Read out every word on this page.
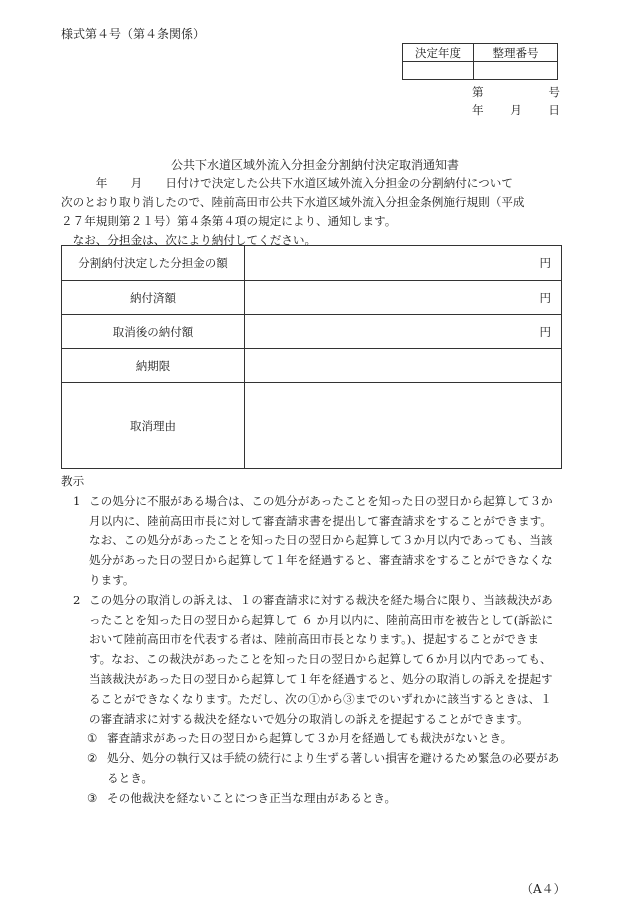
様式第４号（第４条関係）
決定年度	整理番号

第	号
年 月 日
公共下水道区域外流入分担金分割納付決定取消通知書
　　　年　　月　　日付けで決定した公共下水道区域外流入分担金の分割納付について
次のとおり取り消したので、陸前高田市公共下水道区域外流入分担金条例施行規則（平成
２７年規則第２１号）第４条第４項の規定により、通知します。
　なお、分担金は、次により納付してください。
分割納付決定した分担金の額	円
納付済額	円
取消後の納付額	円
納期限	
取消理由	

教示

1 この処分に不服がある場合は、この処分があったことを知った日の翌日から起算して３か月以内に、陸前高田市長に対して審査請求書を提出して審査請求をすることができます。なお、この処分があったことを知った日の翌日から起算して３か月以内であっても、当該処分があった日の翌日から起算して１年を経過すると、審査請求をすることができなくなります。

2 この処分の取消しの訴えは、１の審査請求に対する裁決を経た場合に限り、当該裁決があったことを知った日の翌日から起算して ６ か月以内に、陸前高田市を被告として(訴訟において陸前高田市を代表する者は、陸前高田市長となります。)、提起することができます。なお、この裁決があったことを知った日の翌日から起算して６か月以内であっても、当該裁決があった日の翌日から起算して１年を経過すると、処分の取消しの訴えを提起することができなくなります。ただし、次の①から③までのいずれかに該当するときは、１の審査請求に対する裁決を経ないで処分の取消しの訴えを提起することができます。

① 審査請求があった日の翌日から起算して３か月を経過しても裁決がないとき。

② 処分、処分の執行又は手続の続行により生ずる著しい損害を避けるため緊急の必要があるとき。

③ その他裁決を経ないことにつき正当な理由があるとき。

（A４）
